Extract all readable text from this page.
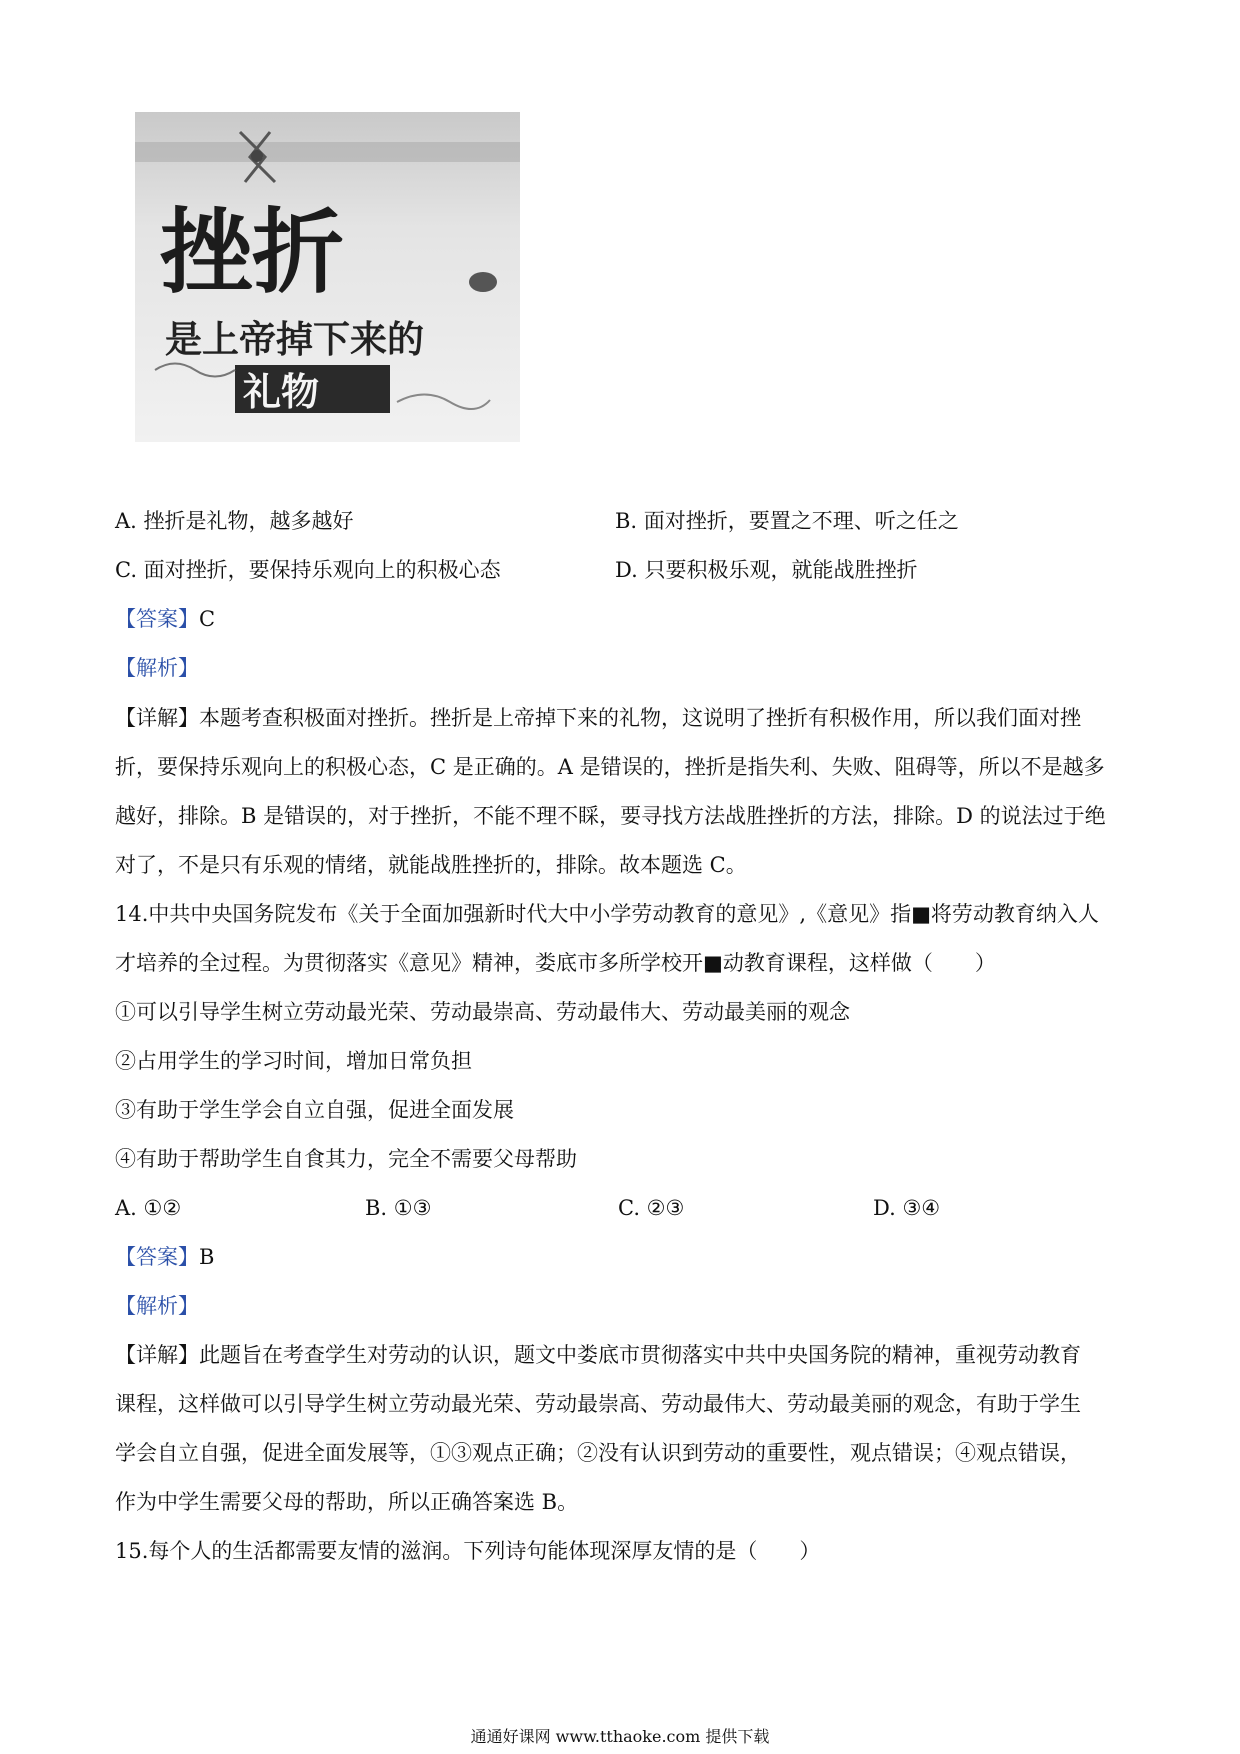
挫折
是上帝掉下来的
礼物
A. 挫折是礼物，越多越好	B. 面对挫折，要置之不理、听之任之
C. 面对挫折，要保持乐观向上的积极心态	D. 只要积极乐观，就能战胜挫折
【答案】C
【解析】
【详解】本题考查积极面对挫折。挫折是上帝掉下来的礼物，这说明了挫折有积极作用，所以我们面对挫
折，要保持乐观向上的积极心态，C 是正确的。A 是错误的，挫折是指失利、失败、阻碍等，所以不是越多
越好，排除。B 是错误的，对于挫折，不能不理不睬，要寻找方法战胜挫折的方法，排除。D 的说法过于绝
对了，不是只有乐观的情绪，就能战胜挫折的，排除。故本题选 C。
14.中共中央国务院发布《关于全面加强新时代大中小学劳动教育的意见》,《意见》指■将劳动教育纳入人
才培养的全过程。为贯彻落实《意见》精神，娄底市多所学校开■动教育课程，这样做（　　）
①可以引导学生树立劳动最光荣、劳动最崇高、劳动最伟大、劳动最美丽的观念
②占用学生的学习时间，增加日常负担
③有助于学生学会自立自强，促进全面发展
④有助于帮助学生自食其力，完全不需要父母帮助
A. ①②	B. ①③	C. ②③	D. ③④
【答案】B
【解析】
【详解】此题旨在考查学生对劳动的认识，题文中娄底市贯彻落实中共中央国务院的精神，重视劳动教育
课程，这样做可以引导学生树立劳动最光荣、劳动最崇高、劳动最伟大、劳动最美丽的观念，有助于学生
学会自立自强，促进全面发展等，①③观点正确；②没有认识到劳动的重要性，观点错误；④观点错误，
作为中学生需要父母的帮助，所以正确答案选 B。
15.每个人的生活都需要友情的滋润。下列诗句能体现深厚友情的是（　　）
通通好课网 www.tthaoke.com 提供下载
